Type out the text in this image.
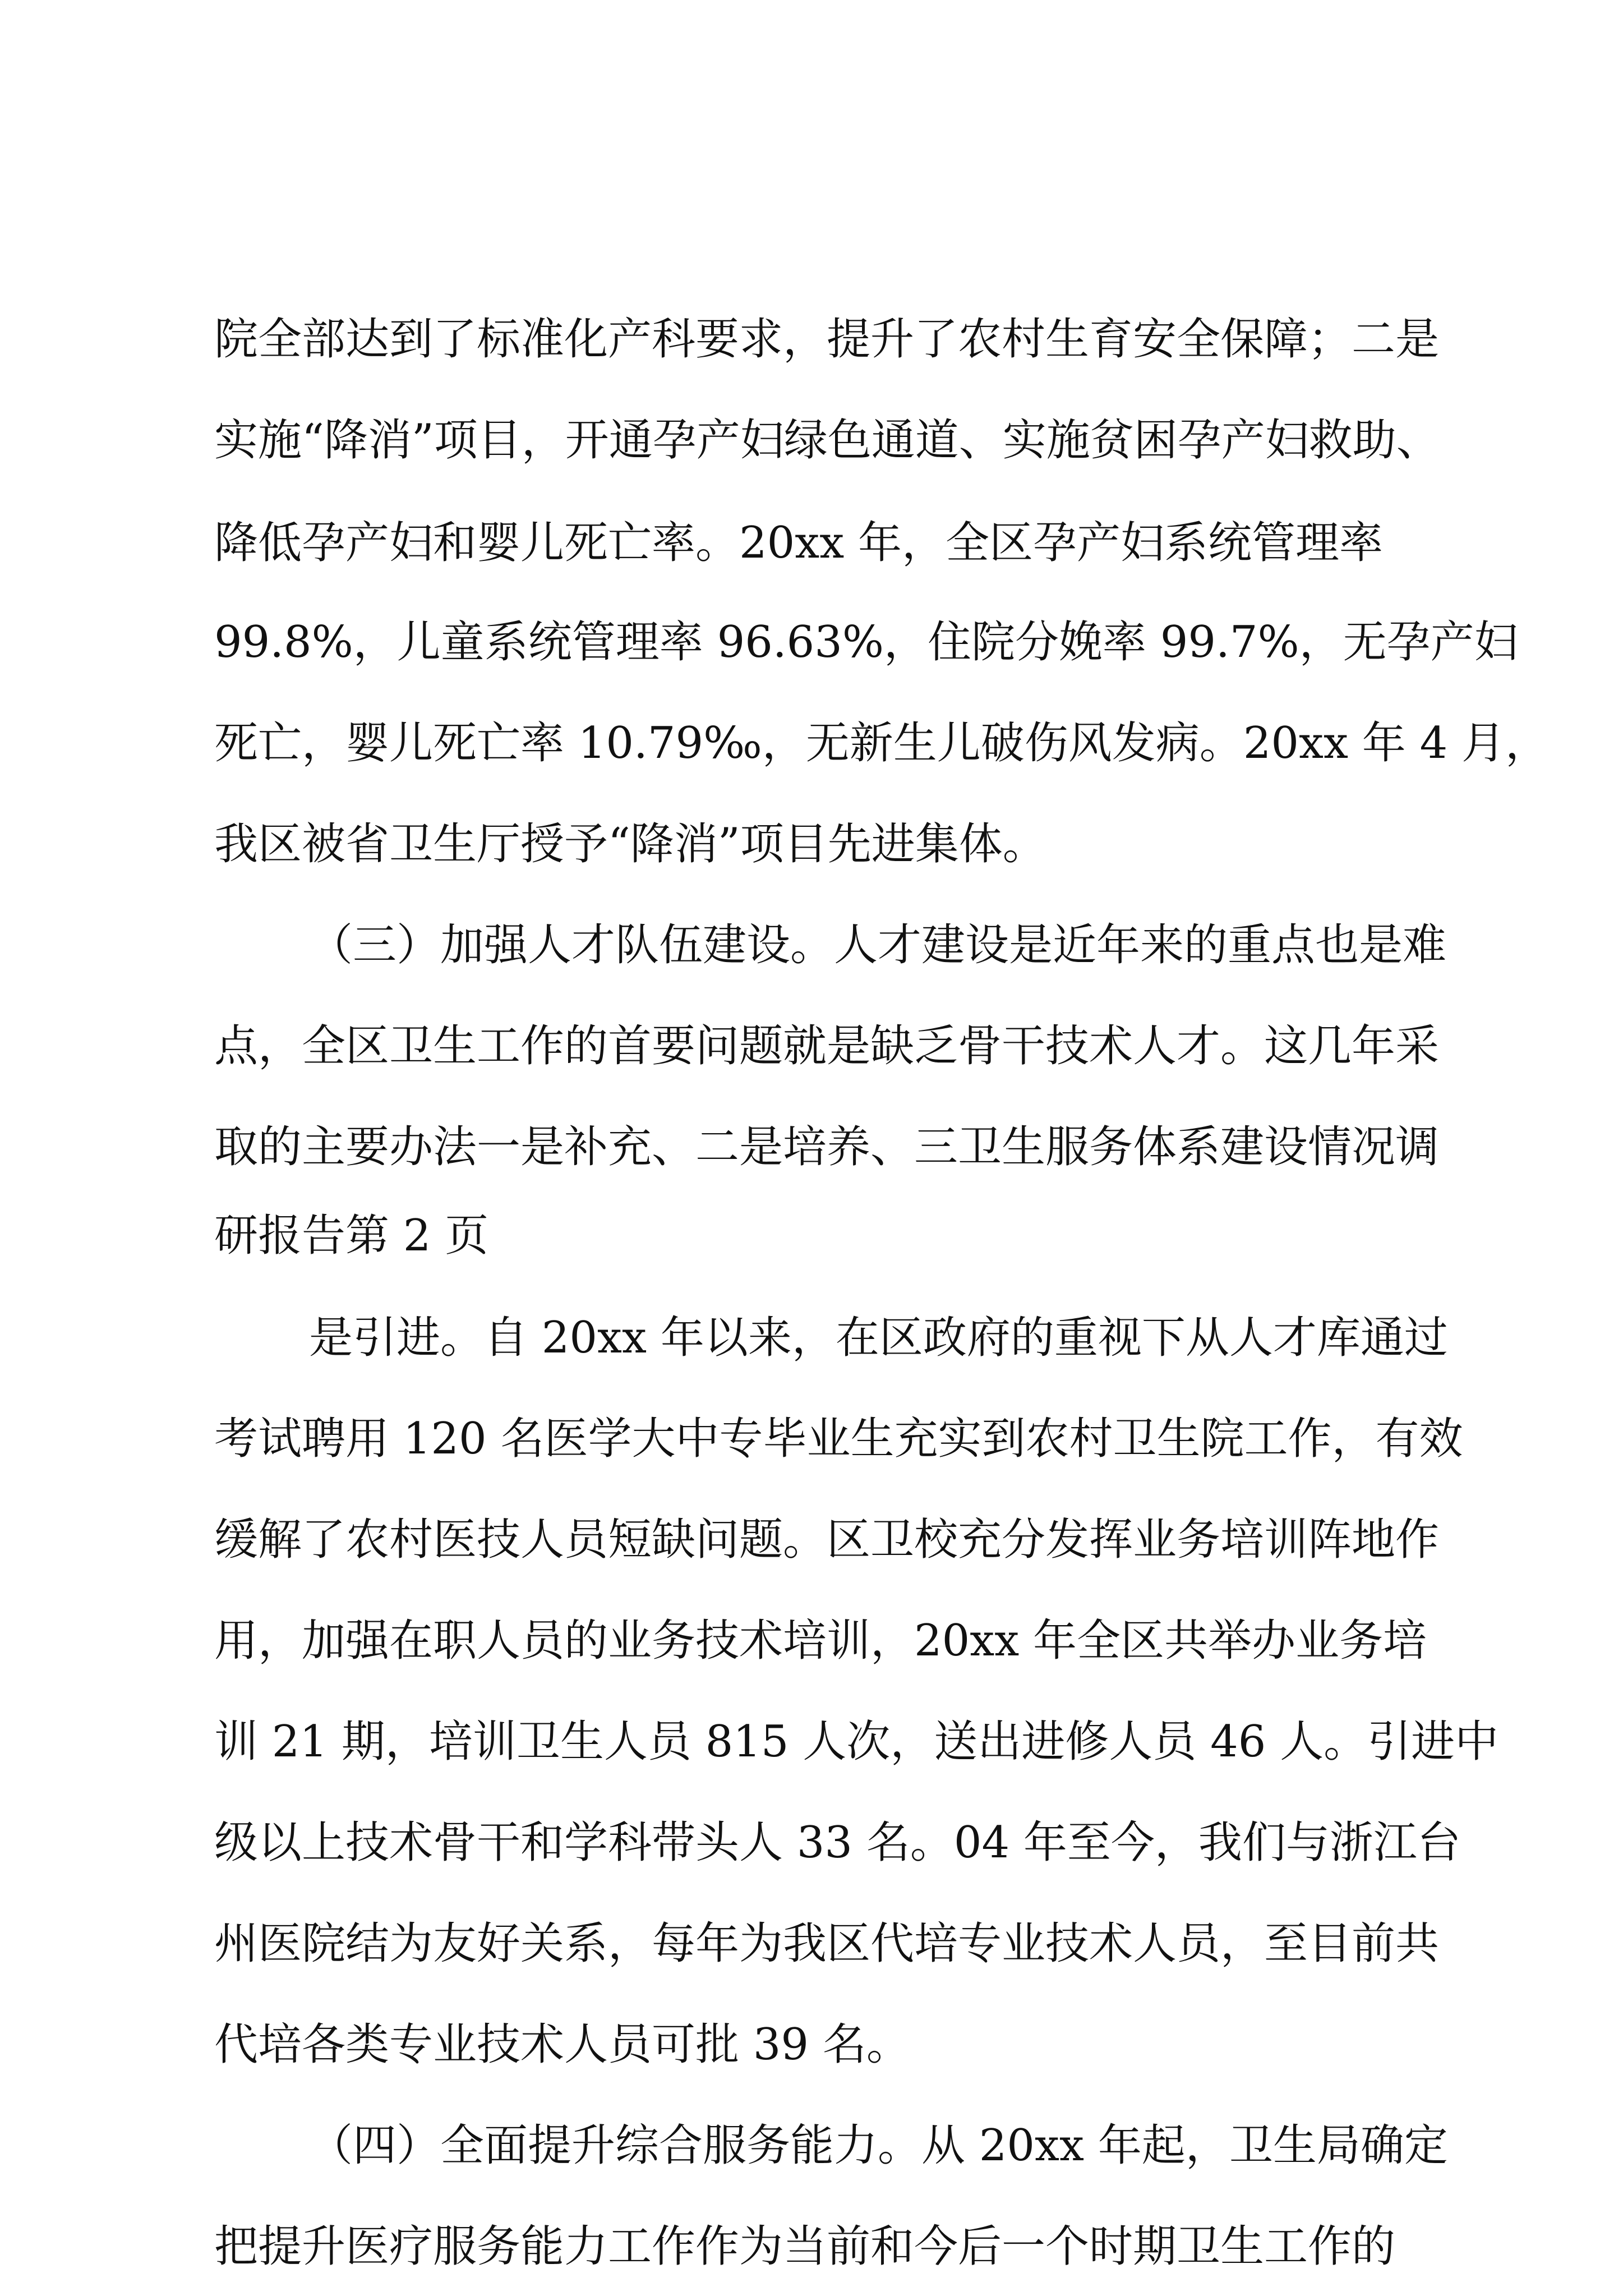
院全部达到了标准化产科要求，提升了农村生育安全保障；二是
实施“降消”项目，开通孕产妇绿色通道、实施贫困孕产妇救助、
降低孕产妇和婴儿死亡率。20xx 年，全区孕产妇系统管理率
99.8%，儿童系统管理率 96.63%，住院分娩率 99.7%，无孕产妇
死亡，婴儿死亡率 10.79‰，无新生儿破伤风发病。20xx 年 4 月，
我区被省卫生厅授予“降消”项目先进集体。
（三）加强人才队伍建设。人才建设是近年来的重点也是难
点，全区卫生工作的首要问题就是缺乏骨干技术人才。这几年采
取的主要办法一是补充、二是培养、三卫生服务体系建设情况调
研报告第 2 页
是引进。自 20xx 年以来，在区政府的重视下从人才库通过
考试聘用 120 名医学大中专毕业生充实到农村卫生院工作，有效
缓解了农村医技人员短缺问题。区卫校充分发挥业务培训阵地作
用，加强在职人员的业务技术培训，20xx 年全区共举办业务培
训 21 期，培训卫生人员 815 人次，送出进修人员 46 人。引进中
级以上技术骨干和学科带头人 33 名。04 年至今，我们与浙江台
州医院结为友好关系，每年为我区代培专业技术人员，至目前共
代培各类专业技术人员可批 39 名。
（四）全面提升综合服务能力。从 20xx 年起，卫生局确定
把提升医疗服务能力工作作为当前和今后一个时期卫生工作的
